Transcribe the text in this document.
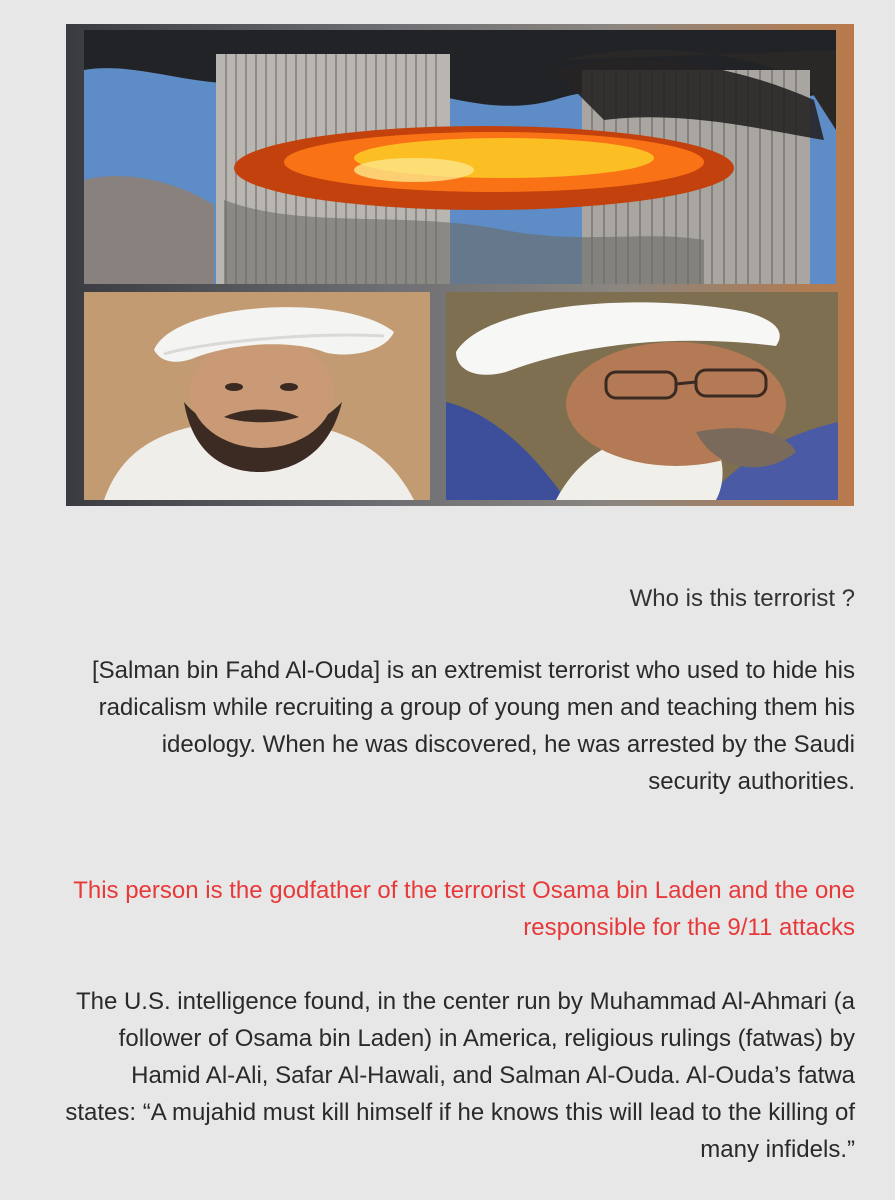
Who is this terrorist ?
[Salman bin Fahd Al-Ouda] is an extremist terrorist who used to hide his radicalism while recruiting a group of young men and teaching them his ideology. When he was discovered, he was arrested by the Saudi security authorities.
This person is the godfather of the terrorist Osama bin Laden and the one responsible for the 9/11 attacks
The U.S. intelligence found, in the center run by Muhammad Al-Ahmari (a follower of Osama bin Laden) in America, religious rulings (fatwas) by Hamid Al-Ali, Safar Al-Hawali, and Salman Al-Ouda. Al-Ouda’s fatwa states: “A mujahid must kill himself if he knows this will lead to the killing of many infidels.”
